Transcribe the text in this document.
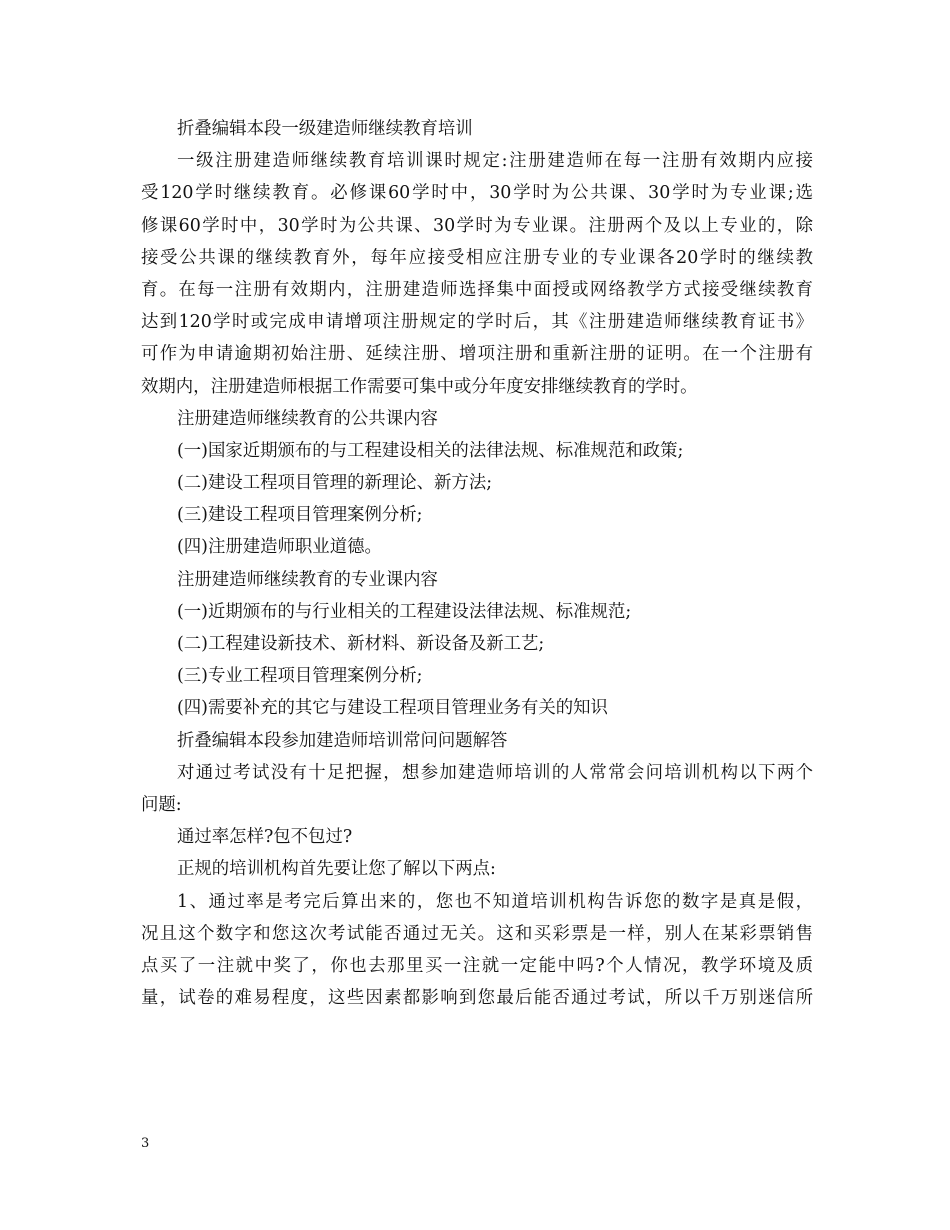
折叠编辑本段一级建造师继续教育培训
一级注册建造师继续教育培训课时规定:注册建造师在每一注册有效期内应接
受120学时继续教育。必修课60学时中，30学时为公共课、30学时为专业课;选
修课60学时中，30学时为公共课、30学时为专业课。注册两个及以上专业的，除
接受公共课的继续教育外，每年应接受相应注册专业的专业课各20学时的继续教
育。在每一注册有效期内，注册建造师选择集中面授或网络教学方式接受继续教育
达到120学时或完成申请增项注册规定的学时后，其《注册建造师继续教育证书》
可作为申请逾期初始注册、延续注册、增项注册和重新注册的证明。在一个注册有
效期内，注册建造师根据工作需要可集中或分年度安排继续教育的学时。
注册建造师继续教育的公共课内容
(一)国家近期颁布的与工程建设相关的法律法规、标准规范和政策;
(二)建设工程项目管理的新理论、新方法;
(三)建设工程项目管理案例分析;
(四)注册建造师职业道德。
注册建造师继续教育的专业课内容
(一)近期颁布的与行业相关的工程建设法律法规、标准规范;
(二)工程建设新技术、新材料、新设备及新工艺;
(三)专业工程项目管理案例分析;
(四)需要补充的其它与建设工程项目管理业务有关的知识
折叠编辑本段参加建造师培训常问问题解答
对通过考试没有十足把握，想参加建造师培训的人常常会问培训机构以下两个
问题:
通过率怎样?包不包过?
正规的培训机构首先要让您了解以下两点:
1、通过率是考完后算出来的，您也不知道培训机构告诉您的数字是真是假，
况且这个数字和您这次考试能否通过无关。这和买彩票是一样，别人在某彩票销售
点买了一注就中奖了，你也去那里买一注就一定能中吗?个人情况，教学环境及质
量，试卷的难易程度，这些因素都影响到您最后能否通过考试，所以千万别迷信所
3
